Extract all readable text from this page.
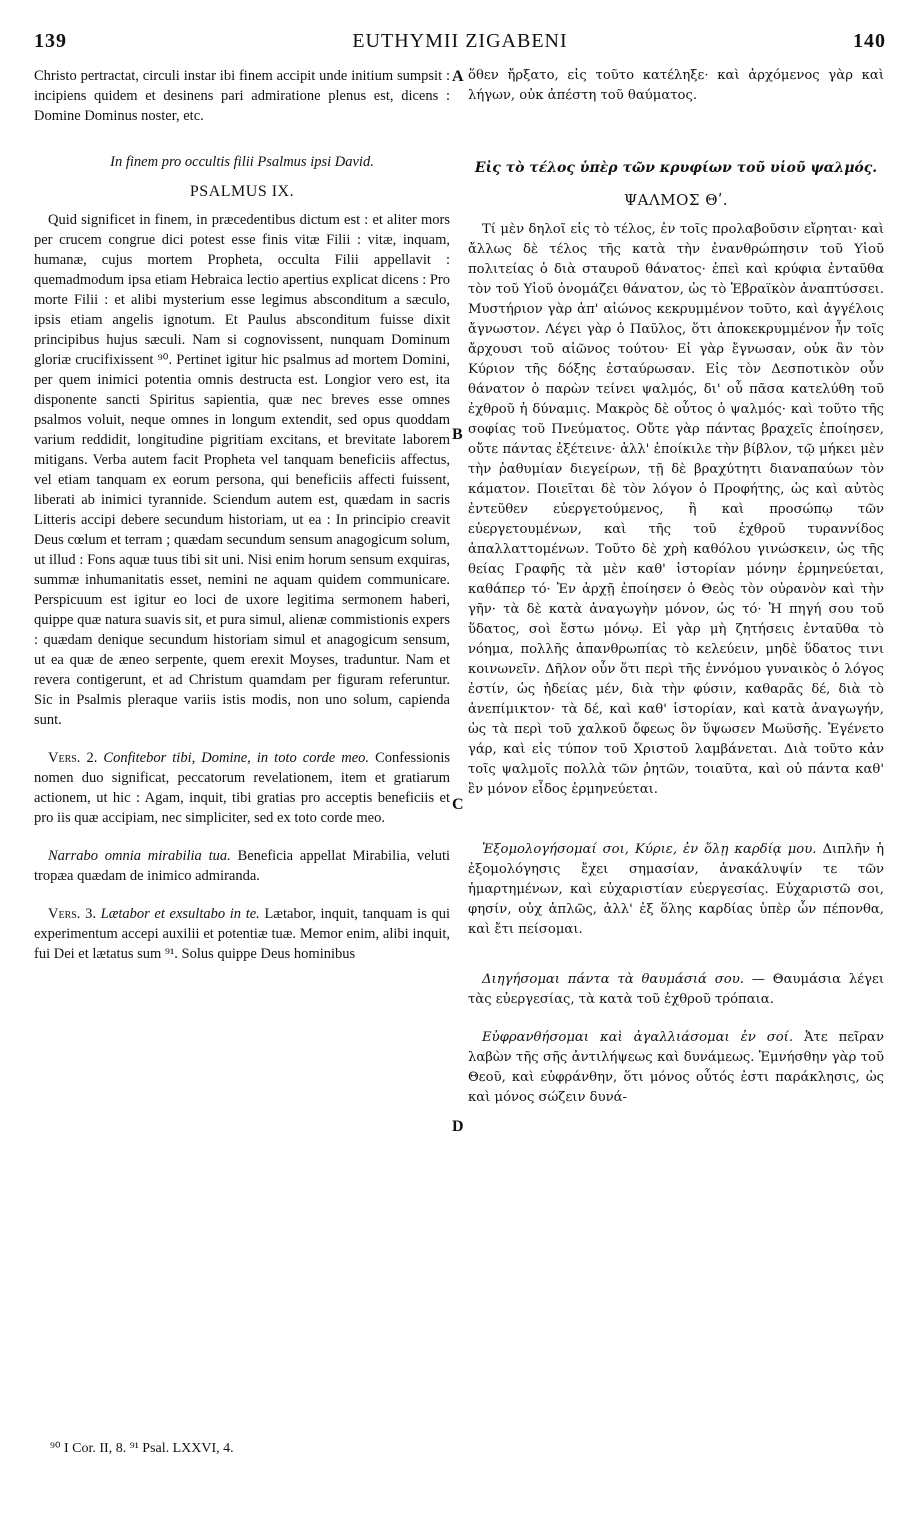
139	EUTHYMII ZIGABENI	140
A
B
C
D

Christo pertractat, circuli instar ibi finem accipit unde initium sumpsit : incipiens quidem et desinens pari admiratione plenus est, dicens : Domine Dominus noster, etc.

In finem pro occultis filii Psalmus ipsi David.

PSALMUS IX.

Quid significet in finem, in præcedentibus dictum est : et aliter mors per crucem congrue dici potest esse finis vitæ Filii : vitæ, inquam, humanæ, cujus mortem Propheta, occulta Filii appellavit : quemadmodum ipsa etiam Hebraica lectio apertius explicat dicens : Pro morte Filii : et alibi mysterium esse legimus absconditum a sæculo, ipsis etiam angelis ignotum. Et Paulus absconditum fuisse dixit principibus hujus sæculi. Nam si cognovissent, nunquam Dominum gloriæ crucifixissent ⁹⁰. Pertinet igitur hic psalmus ad mortem Domini, per quem inimici potentia omnis destructa est. Longior vero est, ita disponente sancti Spiritus sapientia, quæ nec breves esse omnes psalmos voluit, neque omnes in longum extendit, sed opus quoddam varium reddidit, longitudine pigritiam excitans, et brevitate laborem mitigans. Verba autem facit Propheta vel tanquam beneficiis affectus, vel etiam tanquam ex eorum persona, qui beneficiis affecti fuissent, liberati ab inimici tyrannide. Sciendum autem est, quædam in sacris Litteris accipi debere secundum historiam, ut ea : In principio creavit Deus cœlum et terram ; quædam secundum sensum anagogicum solum, ut illud : Fons aquæ tuus tibi sit uni. Nisi enim horum sensum exquiras, summæ inhumanitatis esset, nemini ne aquam quidem communicare. Perspicuum est igitur eo loci de uxore legitima sermonem haberi, quippe quæ natura suavis sit, et pura simul, alienæ commistionis expers : quædam denique secundum historiam simul et anagogicum sensum, ut ea quæ de æneo serpente, quem erexit Moyses, traduntur. Nam et revera contigerunt, et ad Christum quamdam per figuram referuntur. Sic in Psalmis pleraque variis istis modis, non uno solum, capienda sunt.

Vers. 2. Confitebor tibi, Domine, in toto corde meo. Confessionis nomen duo significat, peccatorum revelationem, item et gratiarum actionem, ut hic : Agam, inquit, tibi gratias pro acceptis beneficiis et pro iis quæ accipiam, nec simpliciter, sed ex toto corde meo.

Narrabo omnia mirabilia tua. Beneficia appellat Mirabilia, veluti tropæa quædam de inimico admiranda.

Vers. 3. Lætabor et exsultabo in te. Lætabor, inquit, tanquam is qui experimentum accepi auxilii et potentiæ tuæ. Memor enim, alibi inquit, fui Dei et lætatus sum ⁹¹. Solus quippe Deus hominibus

ὅθεν ἤρξατο, εἰς τοῦτο κατέληξε· καὶ ἀρχόμενος γὰρ καὶ λήγων, οὐκ ἀπέστη τοῦ θαύματος.

Εἰς τὸ τέλος ὑπὲρ τῶν κρυφίων τοῦ υἱοῦ ψαλμός.

ΨΑΛΜΟΣ Θʹ.

Τί μὲν δηλοῖ εἰς τὸ τέλος, ἐν τοῖς προλαβοῦσιν εἴρηται· καὶ ἄλλως δὲ τέλος τῆς κατὰ τὴν ἐνανθρώπησιν τοῦ Υἱοῦ πολιτείας ὁ διὰ σταυροῦ θάνατος· ἐπεὶ καὶ κρύφια ἐνταῦθα τὸν τοῦ Υἱοῦ ὀνομάζει θάνατον, ὡς τὸ Ἑβραϊκὸν ἀναπτύσσει. Μυστήριον γὰρ ἀπ' αἰώνος κεκρυμμένον τοῦτο, καὶ ἀγγέλοις ἄγνωστον. Λέγει γὰρ ὁ Παῦλος, ὅτι ἀποκεκρυμμένον ἦν τοῖς ἄρχουσι τοῦ αἰῶνος τούτου· Εἰ γὰρ ἔγνωσαν, οὐκ ἂν τὸν Κύριον τῆς δόξης ἐσταύρωσαν. Εἰς τὸν Δεσποτικὸν οὖν θάνατον ὁ παρὼν τείνει ψαλμός, δι' οὗ πᾶσα κατελύθη τοῦ ἐχθροῦ ἡ δύναμις. Μακρὸς δὲ οὗτος ὁ ψαλμός· καὶ τοῦτο τῆς σοφίας τοῦ Πνεύματος. Οὔτε γὰρ πάντας βραχεῖς ἐποίησεν, οὔτε πάντας ἐξέτεινε· ἀλλ' ἐποίκιλε τὴν βίβλον, τῷ μήκει μὲν τὴν ῥαθυμίαν διεγείρων, τῇ δὲ βραχύτητι διαναπαύων τὸν κάματον. Ποιεῖται δὲ τὸν λόγον ὁ Προφήτης, ὡς καὶ αὐτὸς ἐντεῦθεν εὐεργετούμενος, ἢ καὶ προσώπῳ τῶν εὐεργετουμένων, καὶ τῆς τοῦ ἐχθροῦ τυραννίδος ἀπαλλαττομένων. Τοῦτο δὲ χρὴ καθόλου γινώσκειν, ὡς τῆς θείας Γραφῆς τὰ μὲν καθ' ἱστορίαν μόνην ἑρμηνεύεται, καθάπερ τό· Ἐν ἀρχῇ ἐποίησεν ὁ Θεὸς τὸν οὐρανὸν καὶ τὴν γῆν· τὰ δὲ κατὰ ἀναγωγὴν μόνον, ὡς τό· Ἡ πηγή σου τοῦ ὕδατος, σοὶ ἔστω μόνῳ. Εἰ γὰρ μὴ ζητήσεις ἐνταῦθα τὸ νόημα, πολλῆς ἀπανθρωπίας τὸ κελεύειν, μηδὲ ὕδατος τινι κοινωνεῖν. Δῆλον οὖν ὅτι περὶ τῆς ἐννόμου γυναικὸς ὁ λόγος ἐστίν, ὡς ἡδείας μέν, διὰ τὴν φύσιν, καθαρᾶς δέ, διὰ τὸ ἀνεπίμικτον· τὰ δέ, καὶ καθ' ἱστορίαν, καὶ κατὰ ἀναγωγήν, ὡς τὰ περὶ τοῦ χαλκοῦ ὄφεως ὃν ὕψωσεν Μωϋσῆς. Ἐγένετο γάρ, καὶ εἰς τύπον τοῦ Χριστοῦ λαμβάνεται. Διὰ τοῦτο κἀν τοῖς ψαλμοῖς πολλὰ τῶν ῥητῶν, τοιαῦτα, καὶ οὐ πάντα καθ' ἓν μόνον εἶδος ἑρμηνεύεται.

Ἐξομολογήσομαί σοι, Κύριε, ἐν ὅλῃ καρδίᾳ μου. Διπλῆν ἡ ἐξομολόγησις ἔχει σημασίαν, ἀνακάλυψίν τε τῶν ἡμαρτημένων, καὶ εὐχαριστίαν εὐεργεσίας. Εὐχαριστῶ σοι, φησίν, οὐχ ἁπλῶς, ἀλλ' ἐξ ὅλης καρδίας ὑπὲρ ὧν πέπονθα, καὶ ἔτι πείσομαι.

Διηγήσομαι πάντα τὰ θαυμάσιά σου. — Θαυμάσια λέγει τὰς εὐεργεσίας, τὰ κατὰ τοῦ ἐχθροῦ τρόπαια.

Εὐφρανθήσομαι καὶ ἀγαλλιάσομαι ἐν σοί. Ἀτε πεῖραν λαβὼν τῆς σῆς ἀντιλήψεως καὶ δυνάμεως. Ἐμνήσθην γὰρ τοῦ Θεοῦ, καὶ εὐφράνθην, ὅτι μόνος οὗτός ἐστι παράκλησις, ὡς καὶ μόνος σώζειν δυνά-

⁹⁰ I Cor. II, 8. ⁹¹ Psal. LXXVI, 4.
